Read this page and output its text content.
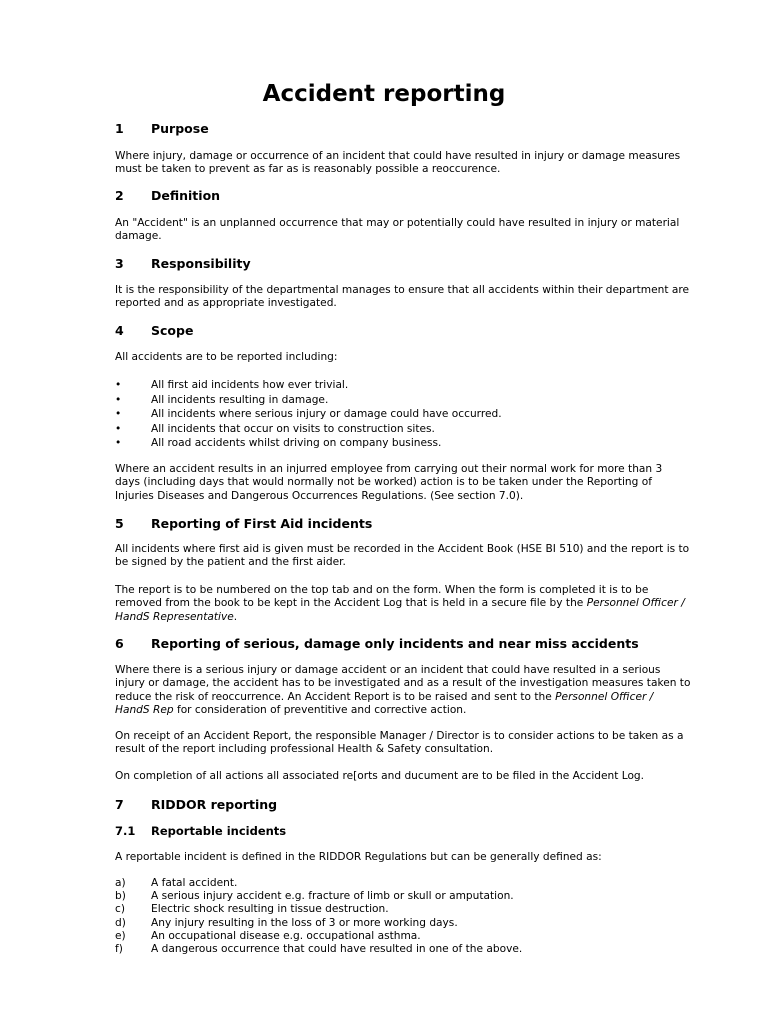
Accident reporting
1 Purpose
Where injury, damage or occurrence of an incident that could have resulted in injury or damage measures
must be taken to prevent as far as is reasonably possible a reoccurence.
2 Definition
An "Accident" is an unplanned occurrence that may or potentially could have resulted in injury or material
damage.
3 Responsibility
It is the responsibility of the departmental manages to ensure that all accidents within their department are
reported and as appropriate investigated.
4 Scope
All accidents are to be reported including:
•	All first aid incidents how ever trivial.
•	All incidents resulting in damage.
•	All incidents where serious injury or damage could have occurred.
•	All incidents that occur on visits to construction sites.
•	All road accidents whilst driving on company business.
Where an accident results in an injurred employee from carrying out their normal work for more than 3
days (including days that would normally not be worked) action is to be taken under the Reporting of
Injuries Diseases and Dangerous Occurrences Regulations. (See section 7.0).
5 Reporting of First Aid incidents
All incidents where first aid is given must be recorded in the Accident Book (HSE BI 510) and the report is to
be signed by the patient and the first aider.
The report is to be numbered on the top tab and on the form. When the form is completed it is to be
removed from the book to be kept in the Accident Log that is held in a secure file by the Personnel Officer /
HandS Representative.
6 Reporting of serious, damage only incidents and near miss accidents
Where there is a serious injury or damage accident or an incident that could have resulted in a serious
injury or damage, the accident has to be investigated and as a result of the investigation measures taken to
reduce the risk of reoccurrence. An Accident Report is to be raised and sent to the Personnel Officer /
HandS Rep for consideration of preventitive and corrective action.
On receipt of an Accident Report, the responsible Manager / Director is to consider actions to be taken as a
result of the report including professional Health & Safety consultation.
On completion of all actions all associated re[orts and ducument are to be filed in the Accident Log.
7 RIDDOR reporting
7.1 Reportable incidents
A reportable incident is defined in the RIDDOR Regulations but can be generally defined as:
a) A fatal accident.
b) A serious injury accident e.g. fracture of limb or skull or amputation.
c) Electric shock resulting in tissue destruction.
d) Any injury resulting in the loss of 3 or more working days.
e) An occupational disease e.g. occupational asthma.
f)	A dangerous occurrence that could have resulted in one of the above.
